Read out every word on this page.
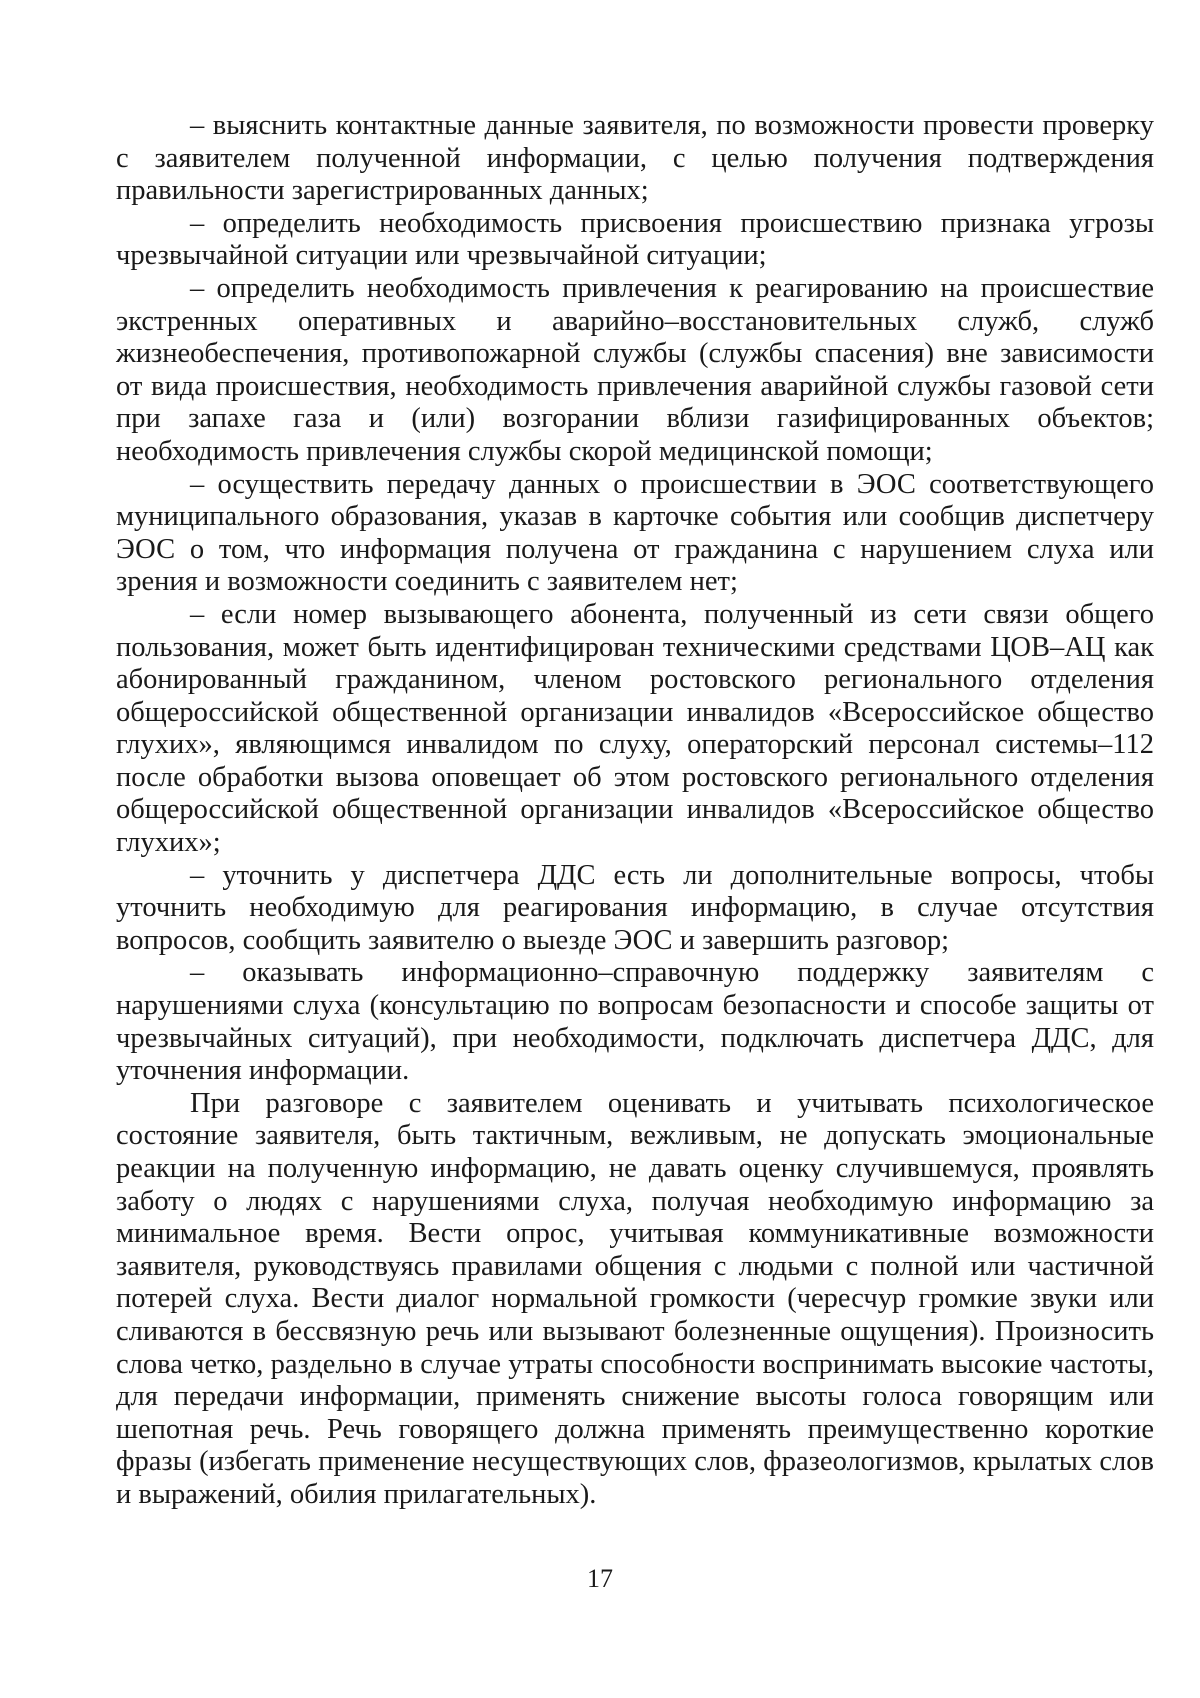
– выяснить контактные данные заявителя, по возможности провести проверку с заявителем полученной информации, с целью получения подтверждения правильности зарегистрированных данных;

– определить необходимость присвоения происшествию признака угрозы чрезвычайной ситуации или чрезвычайной ситуации;

– определить необходимость привлечения к реагированию на происшествие экстренных оперативных и аварийно–восстановительных служб, служб жизнеобеспечения, противопожарной службы (службы спасения) вне зависимости от вида происшествия, необходимость привлечения аварийной службы газовой сети при запахе газа и (или) возгорании вблизи газифицированных объектов; необходимость привлечения службы скорой медицинской помощи;

– осуществить передачу данных о происшествии в ЭОС соответствующего муниципального образования, указав в карточке события или сообщив диспетчеру ЭОС о том, что информация получена от гражданина с нарушением слуха или зрения и возможности соединить с заявителем нет;

– если номер вызывающего абонента, полученный из сети связи общего пользования, может быть идентифицирован техническими средствами ЦОВ–АЦ как абонированный гражданином, членом ростовского регионального отделения общероссийской общественной организации инвалидов «Всероссийское общество глухих», являющимся инвалидом по слуху, операторский персонал системы–112 после обработки вызова оповещает об этом ростовского регионального отделения общероссийской общественной организации инвалидов «Всероссийское общество глухих»;

– уточнить у диспетчера ДДС есть ли дополнительные вопросы, чтобы уточнить необходимую для реагирования информацию, в случае отсутствия вопросов, сообщить заявителю о выезде ЭОС и завершить разговор;

– оказывать информационно–справочную поддержку заявителям с нарушениями слуха (консультацию по вопросам безопасности и способе защиты от чрезвычайных ситуаций), при необходимости, подключать диспетчера ДДС, для уточнения информации.

При разговоре с заявителем оценивать и учитывать психологическое состояние заявителя, быть тактичным, вежливым, не допускать эмоциональные реакции на полученную информацию, не давать оценку случившемуся, проявлять заботу о людях с нарушениями слуха, получая необходимую информацию за минимальное время. Вести опрос, учитывая коммуникативные возможности заявителя, руководствуясь правилами общения с людьми с полной или частичной потерей слуха. Вести диалог нормальной громкости (чересчур громкие звуки или сливаются в бессвязную речь или вызывают болезненные ощущения). Произносить слова четко, раздельно в случае утраты способности воспринимать высокие частоты, для передачи информации, применять снижение высоты голоса говорящим или шепотная речь. Речь говорящего должна применять преимущественно короткие фразы (избегать применение несуществующих слов, фразеологизмов, крылатых слов и выражений, обилия прилагательных).

17
